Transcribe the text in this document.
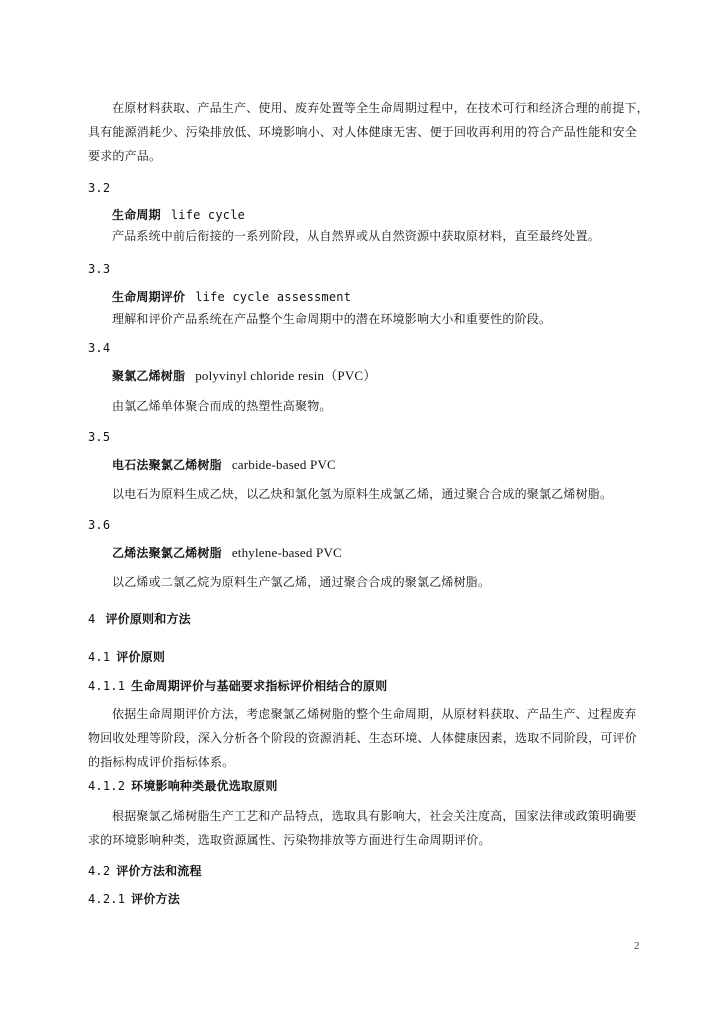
在原材料获取、产品生产、使用、废弃处置等全生命周期过程中，在技术可行和经济合理的前提下，
具有能源消耗少、污染排放低、环境影响小、对人体健康无害、便于回收再利用的符合产品性能和安全
要求的产品。
3.2
生命周期 life cycle
产品系统中前后衔接的一系列阶段，从自然界或从自然资源中获取原材料，直至最终处置。
3.3
生命周期评价 life cycle assessment
理解和评价产品系统在产品整个生命周期中的潜在环境影响大小和重要性的阶段。
3.4
聚氯乙烯树脂 polyvinyl chloride resin（PVC）
由氯乙烯单体聚合而成的热塑性高聚物。
3.5
电石法聚氯乙烯树脂 carbide-based PVC
以电石为原料生成乙炔，以乙炔和氯化氢为原料生成氯乙烯，通过聚合合成的聚氯乙烯树脂。
3.6
乙烯法聚氯乙烯树脂 ethylene-based PVC
以乙烯或二氯乙烷为原料生产氯乙烯，通过聚合合成的聚氯乙烯树脂。
4 评价原则和方法
4.1 评价原则
4.1.1 生命周期评价与基础要求指标评价相结合的原则
依据生命周期评价方法，考虑聚氯乙烯树脂的整个生命周期，从原材料获取、产品生产、过程废弃
物回收处理等阶段，深入分析各个阶段的资源消耗、生态环境、人体健康因素，选取不同阶段，可评价
的指标构成评价指标体系。
4.1.2 环境影响种类最优选取原则
根据聚氯乙烯树脂生产工艺和产品特点，选取具有影响大，社会关注度高，国家法律或政策明确要
求的环境影响种类，选取资源属性、污染物排放等方面进行生命周期评价。
4.2 评价方法和流程
4.2.1 评价方法
2
